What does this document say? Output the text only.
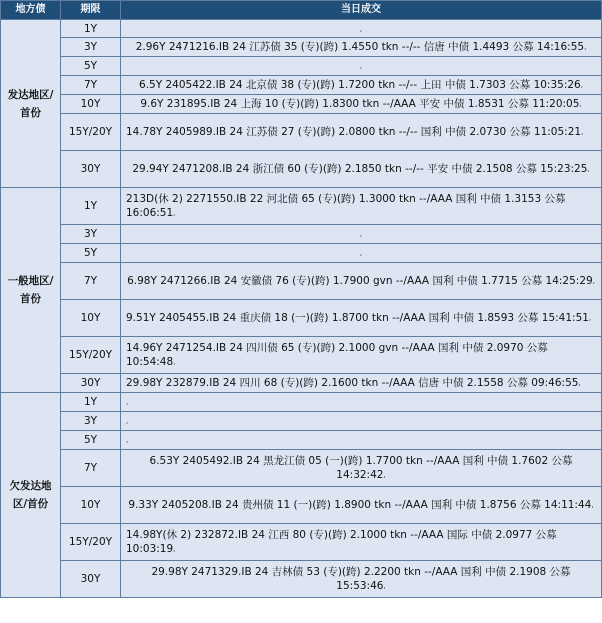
地方债	期限	当日成交
发达地区/首份	1Y	,
	3Y	2.96Y 2471216.IB 24 江苏债 35 (专)(跨) 1.4550 tkn --/-- 信唐 中债 1.4493 公募 14:16:55,
	5Y	,
	7Y	6.5Y 2405422.IB 24 北京债 38 (专)(跨) 1.7200 tkn --/-- 上田 中债 1.7303 公募 10:35:26,
	10Y	9.6Y 231895.IB 24 上海 10 (专)(跨) 1.8300 tkn --/AAA 平安 中债 1.8531 公募 11:20:05,
	15Y/20Y	14.78Y 2405989.IB 24 江苏债 27 (专)(跨) 2.0800 tkn --/-- 国利 中债 2.0730 公募 11:05:21,
	30Y	29.94Y 2471208.IB 24 浙江债 60 (专)(跨) 2.1850 tkn --/-- 平安 中债 2.1508 公募 15:23:25,
一般地区/首份	1Y	213D(休 2) 2271550.IB 22 河北债 65 (专)(跨) 1.3000 tkn --/AAA 国利 中债 1.3153 公募 16:06:51,
	3Y	,
	5Y	,
	7Y	6.98Y 2471266.IB 24 安徽债 76 (专)(跨) 1.7900 gvn --/AAA 国利 中债 1.7715 公募 14:25:29,
	10Y	9.51Y 2405455.IB 24 重庆债 18 (一)(跨) 1.8700 tkn --/AAA 国利 中债 1.8593 公募 15:41:51,
	15Y/20Y	14.96Y 2471254.IB 24 四川债 65 (专)(跨) 2.1000 gvn --/AAA 国利 中债 2.0970 公募 10:54:48,
	30Y	29.98Y 232879.IB 24 四川 68 (专)(跨) 2.1600 tkn --/AAA 信唐 中债 2.1558 公募 09:46:55,
欠发达地区/首份	1Y	,
	3Y	,
	5Y	,
	7Y	6.53Y 2405492.IB 24 黑龙江债 05 (一)(跨) 1.7700 tkn --/AAA 国利 中债 1.7602 公募 14:32:42,
	10Y	9.33Y 2405208.IB 24 贵州债 11 (一)(跨) 1.8900 tkn --/AAA 国利 中债 1.8756 公募 14:11:44,
	15Y/20Y	14.98Y(休 2) 232872.IB 24 江西 80 (专)(跨) 2.1000 tkn --/AAA 国际 中债 2.0977 公募 10:03:19,
	30Y	29.98Y 2471329.IB 24 吉林债 53 (专)(跨) 2.2200 tkn --/AAA 国利 中债 2.1908 公募 15:53:46,
